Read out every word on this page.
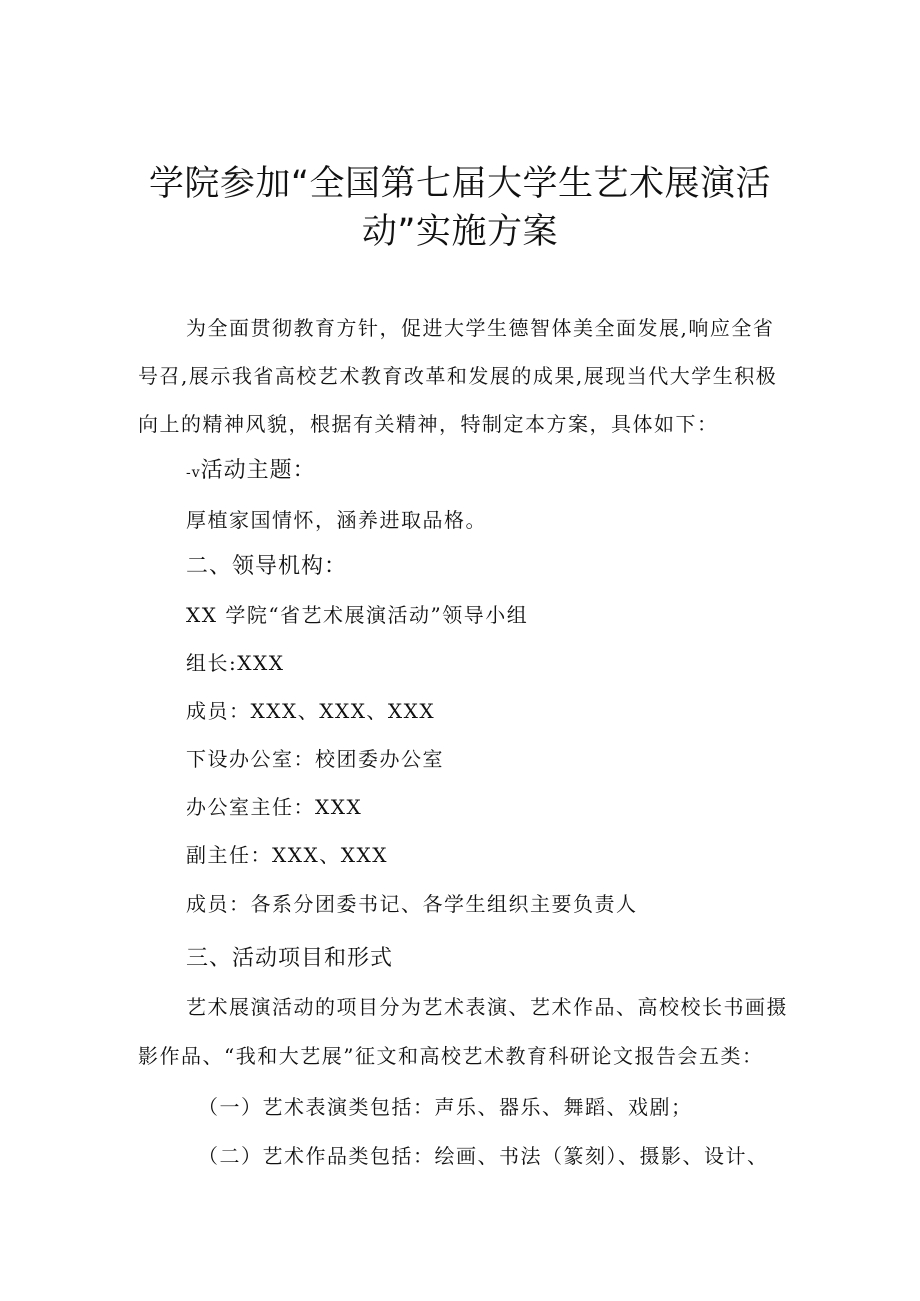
学院参加“全国第七届大学生艺术展演活
动”实施方案

为全面贯彻教育方针，促进大学生德智体美全面发展,响应全省

号召,展示我省高校艺术教育改革和发展的成果,展现当代大学生积极

向上的精神风貌，根据有关精神，特制定本方案，具体如下：

-v活动主题：

厚植家国情怀，涵养进取品格。

二、领导机构：

XX 学院“省艺术展演活动”领导小组

组长:XXX

成员：XXX、XXX、XXX

下设办公室：校团委办公室

办公室主任：XXX

副主任：XXX、XXX

成员：各系分团委书记、各学生组织主要负责人

三、活动项目和形式

艺术展演活动的项目分为艺术表演、艺术作品、高校校长书画摄

影作品、“我和大艺展”征文和高校艺术教育科研论文报告会五类：

（一）艺术表演类包括：声乐、器乐、舞蹈、戏剧；

（二）艺术作品类包括：绘画、书法（篆刻）、摄影、设计、
